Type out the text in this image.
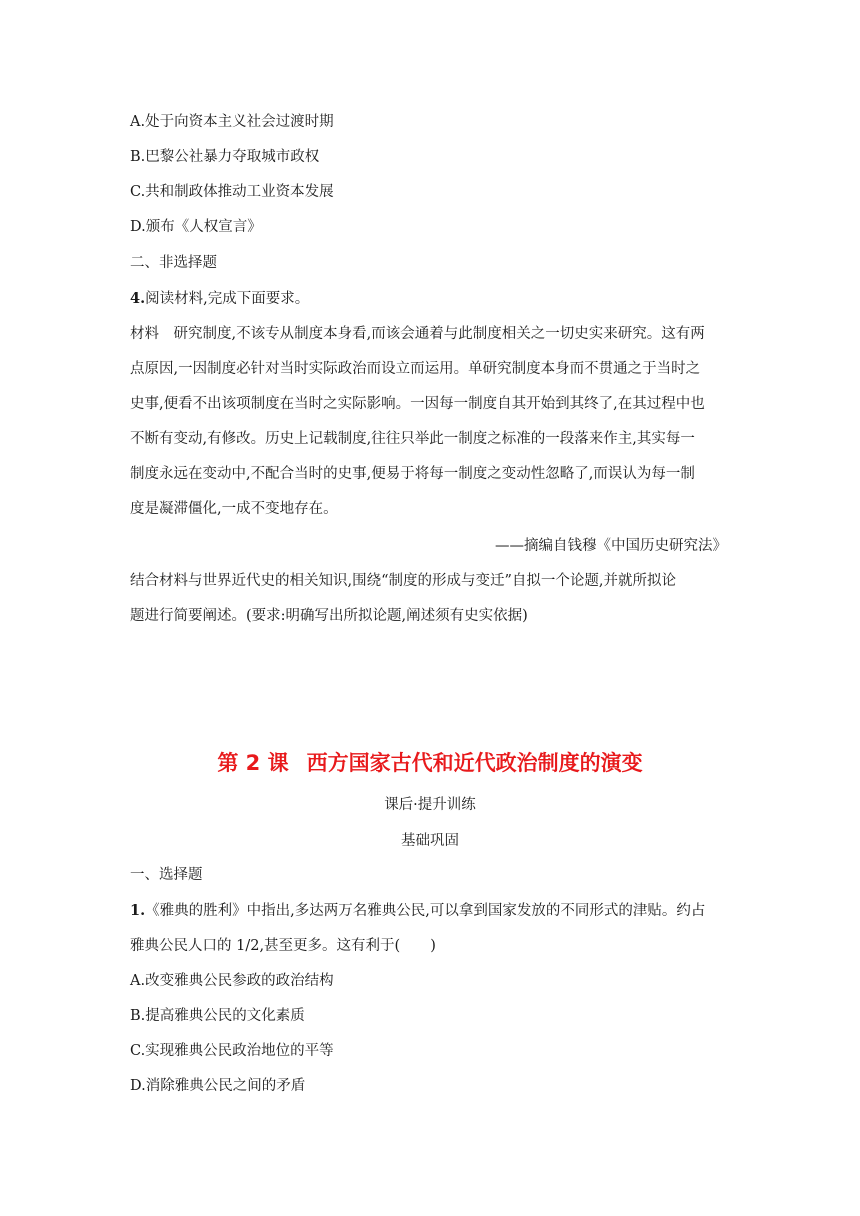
A.处于向资本主义社会过渡时期
B.巴黎公社暴力夺取城市政权
C.共和制政体推动工业资本发展
D.颁布《人权宣言》
二、非选择题
4.阅读材料,完成下面要求。
材料　研究制度,不该专从制度本身看,而该会通着与此制度相关之一切史实来研究。这有两
点原因,一因制度必针对当时实际政治而设立而运用。单研究制度本身而不贯通之于当时之
史事,便看不出该项制度在当时之实际影响。一因每一制度自其开始到其终了,在其过程中也
不断有变动,有修改。历史上记载制度,往往只举此一制度之标准的一段落来作主,其实每一
制度永远在变动中,不配合当时的史事,便易于将每一制度之变动性忽略了,而误认为每一制
度是凝滞僵化,一成不变地存在。
——摘编自钱穆《中国历史研究法》
结合材料与世界近代史的相关知识,围绕“制度的形成与变迁”自拟一个论题,并就所拟论
题进行简要阐述。(要求:明确写出所拟论题,阐述须有史实依据)
第 2 课 西方国家古代和近代政治制度的演变
课后·提升训练
基础巩固
一、选择题
1.《雅典的胜利》中指出,多达两万名雅典公民,可以拿到国家发放的不同形式的津贴。约占
雅典公民人口的 1/2,甚至更多。这有利于( )
A.改变雅典公民参政的政治结构
B.提高雅典公民的文化素质
C.实现雅典公民政治地位的平等
D.消除雅典公民之间的矛盾
